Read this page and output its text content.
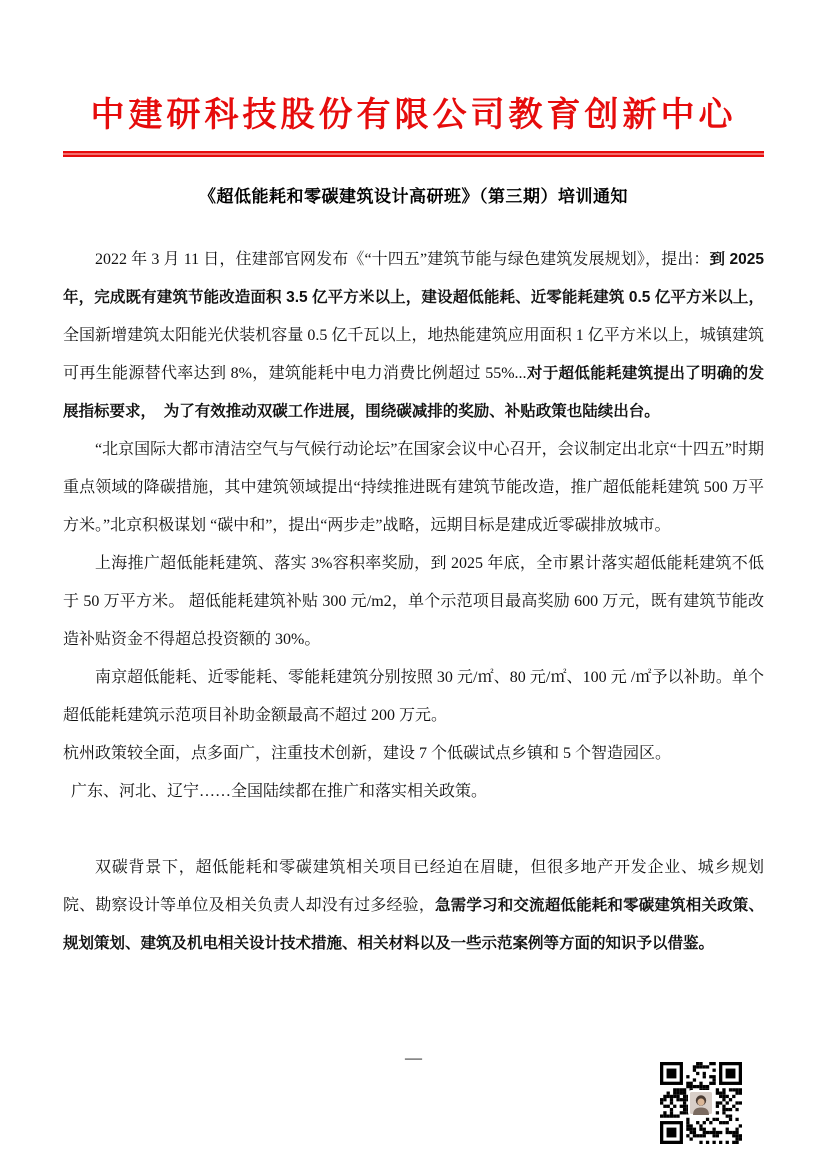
中建研科技股份有限公司教育创新中心
《超低能耗和零碳建筑设计高研班》（第三期）培训通知

2022 年 3 月 11 日，住建部官网发布《“十四五”建筑节能与绿色建筑发展规划》，提出：到 2025 年，完成既有建筑节能改造面积 3.5 亿平方米以上，建设超低能耗、近零能耗建筑 0.5 亿平方米以上，全国新增建筑太阳能光伏装机容量 0.5 亿千瓦以上，地热能建筑应用面积 1 亿平方米以上，城镇建筑可再生能源替代率达到 8%，建筑能耗中电力消费比例超过 55%...对于超低能耗建筑提出了明确的发展指标要求，　为了有效推动双碳工作进展，围绕碳减排的奖励、补贴政策也陆续出台。

“北京国际大都市清洁空气与气候行动论坛”在国家会议中心召开，会议制定出北京“十四五”时期重点领域的降碳措施，其中建筑领域提出“持续推进既有建筑节能改造，推广超低能耗建筑 500 万平方米。”北京积极谋划 “碳中和”，提出“两步走”战略，远期目标是建成近零碳排放城市。

上海推广超低能耗建筑、落实 3%容积率奖励，到 2025 年底，全市累计落实超低能耗建筑不低于 50 万平方米。 超低能耗建筑补贴 300 元/m2，单个示范项目最高奖励 600 万元，既有建筑节能改造补贴资金不得超总投资额的 30%。

南京超低能耗、近零能耗、零能耗建筑分别按照 30 元/㎡、80 元/㎡、100 元 /㎡予以补助。单个超低能耗建筑示范项目补助金额最高不超过 200 万元。

杭州政策较全面，点多面广，注重技术创新，建设 7 个低碳试点乡镇和 5 个智造园区。

广东、河北、辽宁……全国陆续都在推广和落实相关政策。

双碳背景下，超低能耗和零碳建筑相关项目已经迫在眉睫，但很多地产开发企业、城乡规划院、勘察设计等单位及相关负责人却没有过多经验，急需学习和交流超低能耗和零碳建筑相关政策、规划策划、建筑及机电相关设计技术措施、相关材料以及一些示范案例等方面的知识予以借鉴。

—
